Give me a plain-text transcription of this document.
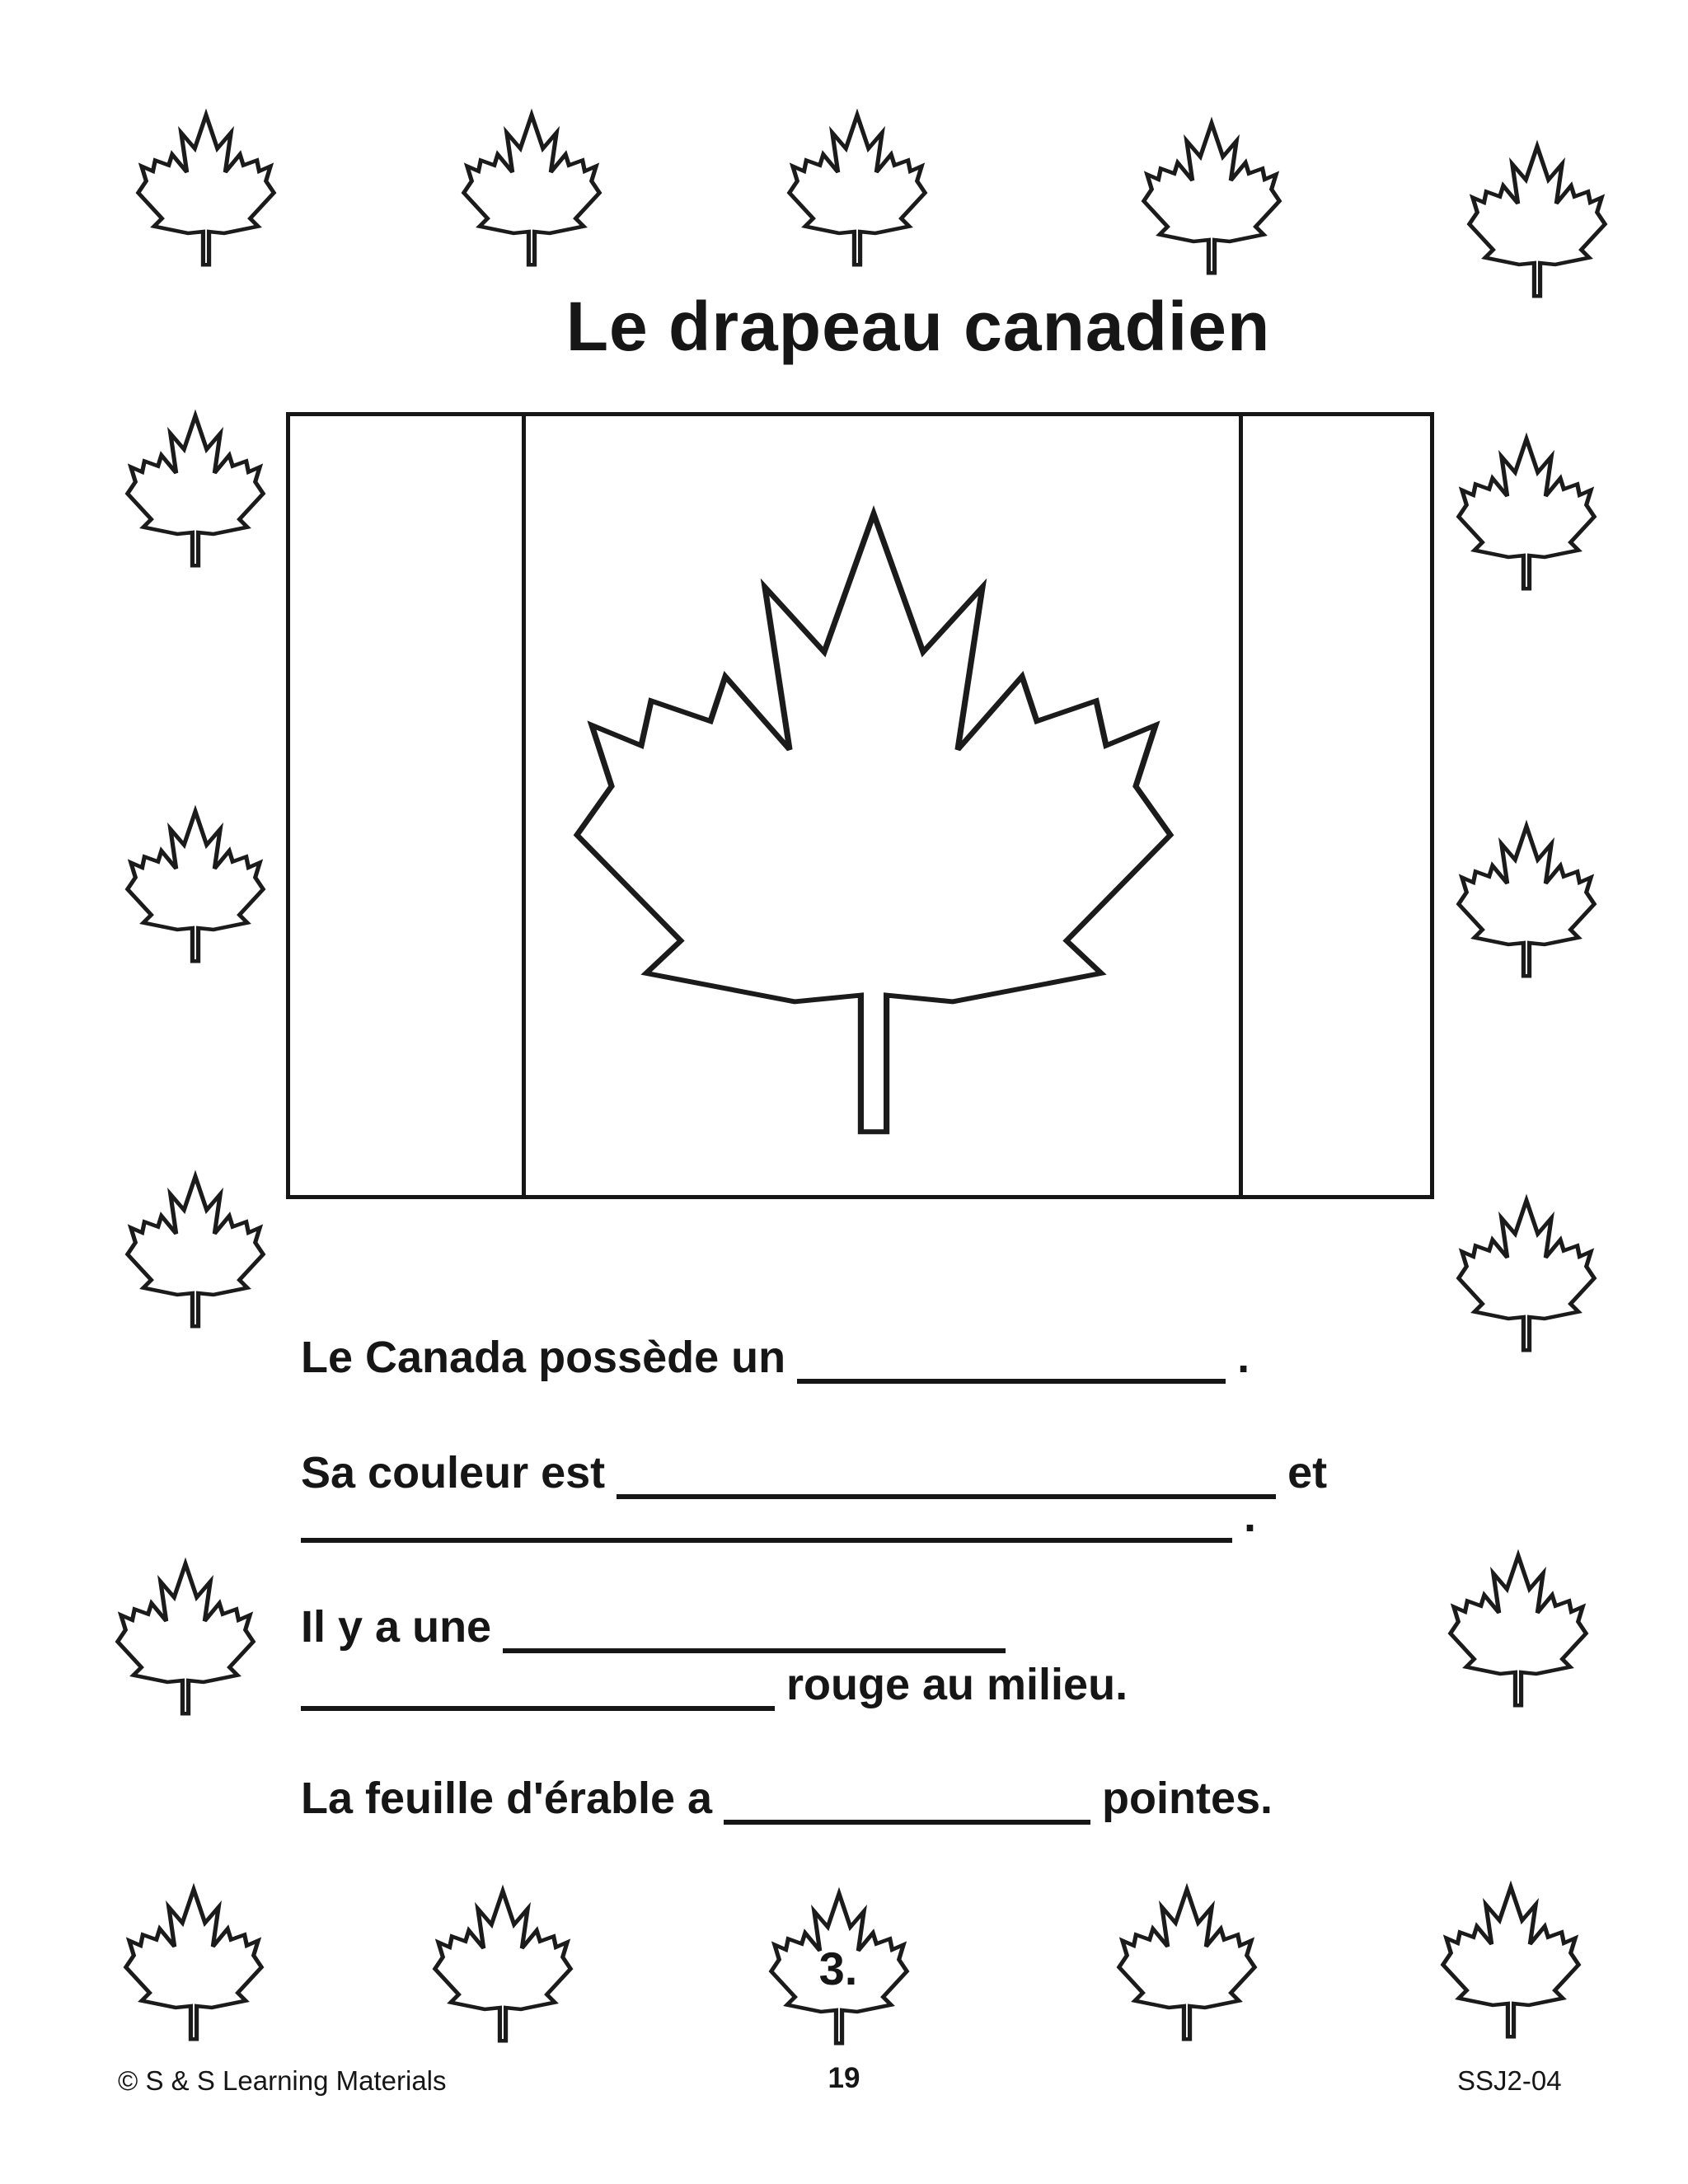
Le drapeau canadien
3.
Le Canada possède un	.
Sa couleur est	et
.
Il y a une
rouge au milieu.
La feuille d'érable a	pointes.
© S & S Learning Materials	19	SSJ2-04
